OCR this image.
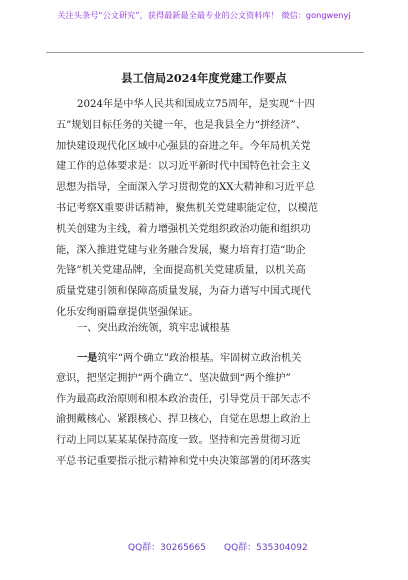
关注头条号“公文研究”，获得最新最全最专业的公文资料库！ 微信：gongwenyj
县工信局2024年度党建工作要点
2024年是中华人民共和国成立75周年，是实现“十四
五”规划目标任务的关键一年，也是我县全力“拼经济”、
加快建设现代化区域中心强县的奋进之年。今年局机关党
建工作的总体要求是：以习近平新时代中国特色社会主义
思想为指导，全面深入学习贯彻党的XX大精神和习近平总
书记考察X重要讲话精神，聚焦机关党建职能定位，以模范
机关创建为主线，着力增强机关党组织政治功能和组织功
能，深入推进党建与业务融合发展，聚力培育打造“助企
先锋”机关党建品牌，全面提高机关党建质量，以机关高
质量党建引领和保障高质量发展，为奋力谱写中国式现代
化乐安绚丽篇章提供坚强保证。
一、突出政治统领，筑牢忠诚根基
一是筑牢“两个确立”政治根基。牢固树立政治机关
意识，把坚定拥护“两个确立”、坚决做到“两个维护”
作为最高政治原则和根本政治责任，引导党员干部矢志不
渝拥戴核心、紧跟核心、捍卫核心，自觉在思想上政治上
行动上同以某某某保持高度一致。坚持和完善贯彻习近
平总书记重要指示批示精神和党中央决策部署的闭环落实
QQ群：30265665 QQ群：535304092
